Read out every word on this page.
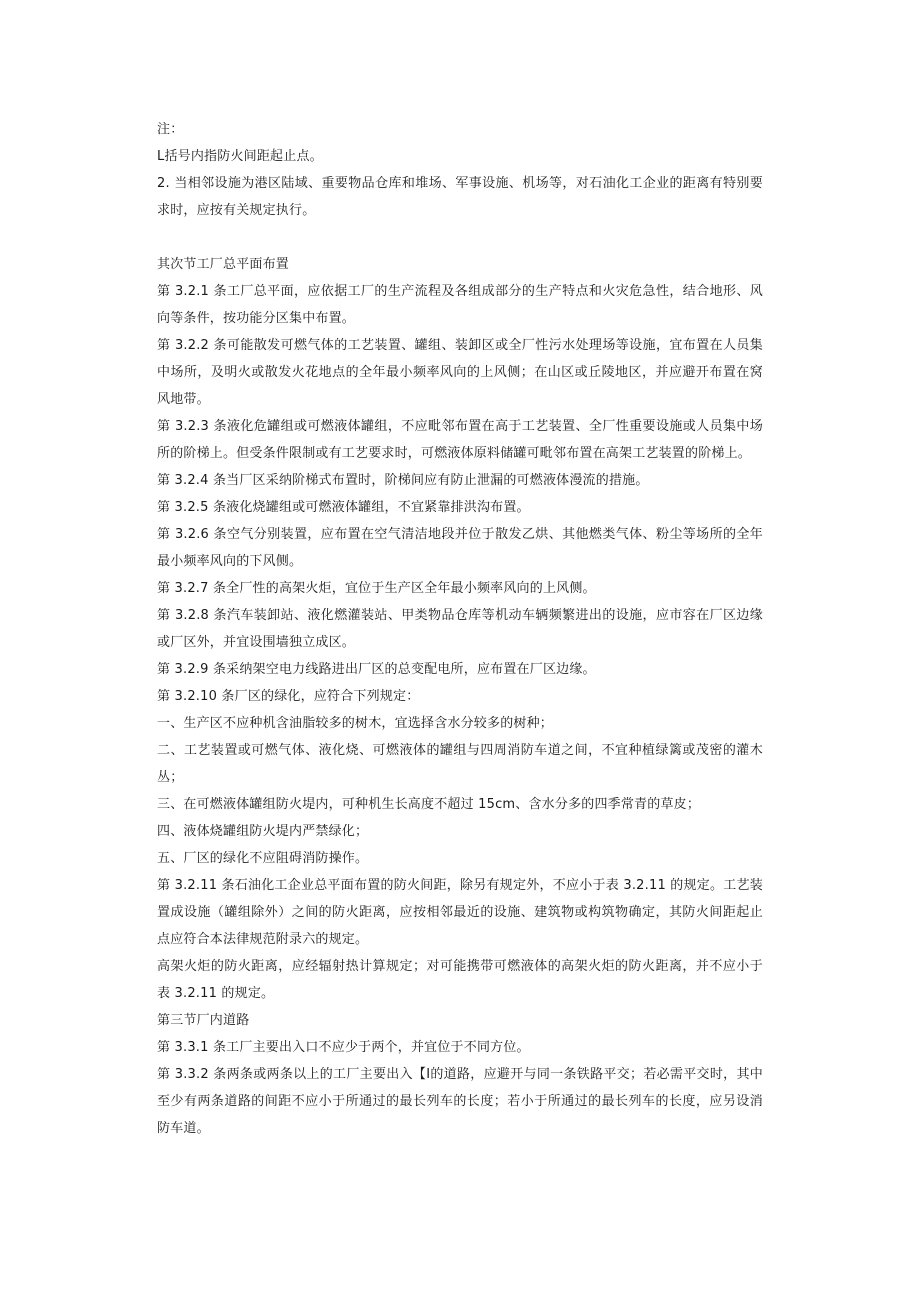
注：

L括号内指防火间距起止点。

2. 当相邻设施为港区陆域、重要物品仓库和堆场、军事设施、机场等，对石油化工企业的距离有特别要求时，应按有关规定执行。

其次节工厂总平面布置

第 3.2.1 条工厂总平面，应依据工厂的生产流程及各组成部分的生产特点和火灾危急性，结合地形、风向等条件，按功能分区集中布置。

第 3.2.2 条可能散发可燃气体的工艺装置、罐组、装卸区或全厂性污水处理场等设施，宜布置在人员集中场所，及明火或散发火花地点的全年最小频率风向的上风侧；在山区或丘陵地区，并应避开布置在窝风地带。

第 3.2.3 条液化危罐组或可燃液体罐组，不应毗邻布置在高于工艺装置、全厂性重要设施或人员集中场所的阶梯上。但受条件限制或有工艺要求时，可燃液体原料储罐可毗邻布置在高架工艺装置的阶梯上。

第 3.2.4 条当厂区采纳阶梯式布置时，阶梯间应有防止泄漏的可燃液体漫流的措施。

第 3.2.5 条液化烧罐组或可燃液体罐组，不宜紧靠排洪沟布置。

第 3.2.6 条空气分别装置，应布置在空气清洁地段并位于散发乙烘、其他燃类气体、粉尘等场所的全年最小频率风向的下风侧。

第 3.2.7 条全厂性的高架火炬，宜位于生产区全年最小频率风向的上风侧。

第 3.2.8 条汽车装卸站、液化燃灌装站、甲类物品仓库等机动车辆频繁进出的设施，应市容在厂区边缘或厂区外，并宜设围墙独立成区。

第 3.2.9 条采纳架空电力线路进出厂区的总变配电所，应布置在厂区边缘。

第 3.2.10 条厂区的绿化，应符合下列规定：

一、生产区不应种机含油脂较多的树木，宜选择含水分较多的树种；

二、工艺装置或可燃气体、液化烧、可燃液体的罐组与四周消防车道之间，不宜种植绿篱或茂密的灌木丛；

三、在可燃液体罐组防火堤内，可种机生长高度不超过 15cm、含水分多的四季常青的草皮；

四、液体烧罐组防火堤内严禁绿化；

五、厂区的绿化不应阻碍消防操作。

第 3.2.11 条石油化工企业总平面布置的防火间距，除另有规定外，不应小于表 3.2.11 的规定。工艺装置成设施（罐组除外）之间的防火距离，应按相邻最近的设施、建筑物或构筑物确定，其防火间距起止点应符合本法律规范附录六的规定。

高架火炬的防火距离，应经辐射热计算规定；对可能携带可燃液体的高架火炬的防火距离，并不应小于表 3.2.11 的规定。

第三节厂内道路

第 3.3.1 条工厂主要出入口不应少于两个，并宜位于不同方位。

第 3.3.2 条两条或两条以上的工厂主要出入【I的道路，应避开与同一条铁路平交；若必需平交时，其中至少有两条道路的间距不应小于所通过的最长列车的长度；若小于所通过的最长列车的长度，应另设消防车道。
